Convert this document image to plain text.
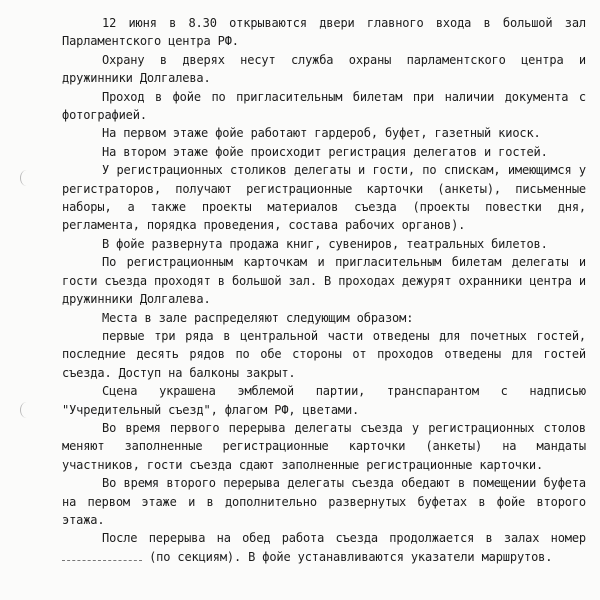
12 июня в 8.30 открываются двери главного входа в большой зал Парламентского центра РФ.

Охрану в дверях несут служба охраны парламентского центра и дружинники Долгалева.

Проход в фойе по пригласительным билетам при наличии документа с фотографией.

На первом этаже фойе работают гардероб, буфет, газетный киоск.

На втором этаже фойе происходит регистрация делегатов и гостей.

У регистрационных столиков делегаты и гости, по спискам, имеющимся у регистраторов, получают регистрационные карточки (анкеты), письменные наборы, а также проекты материалов съезда (проекты повестки дня, регламента, порядка проведения, состава рабочих органов).

В фойе развернута продажа книг, сувениров, театральных билетов.

По регистрационным карточкам и пригласительным билетам делегаты и гости съезда проходят в большой зал. В проходах дежурят охранники центра и дружинники Долгалева.

Места в зале распределяют следующим образом:

первые три ряда в центральной части отведены для почетных гостей, последние десять рядов по обе стороны от проходов отведены для гостей съезда. Доступ на балконы закрыт.

Сцена украшена эмблемой партии, транспарантом с надписью "Учредительный съезд", флагом РФ, цветами.

Во время первого перерыва делегаты съезда у регистрационных столов меняют заполненные регистрационные карточки (анкеты) на мандаты участников, гости съезда сдают заполненные регистрационные карточки.

Во время второго перерыва делегаты съезда обедают в помещении буфета на первом этаже и в дополнительно развернутых буфетах в фойе второго этажа.

После перерыва на обед работа съезда продолжается в залах номер  (по секциям). В фойе устанавливаются указатели маршрутов.
